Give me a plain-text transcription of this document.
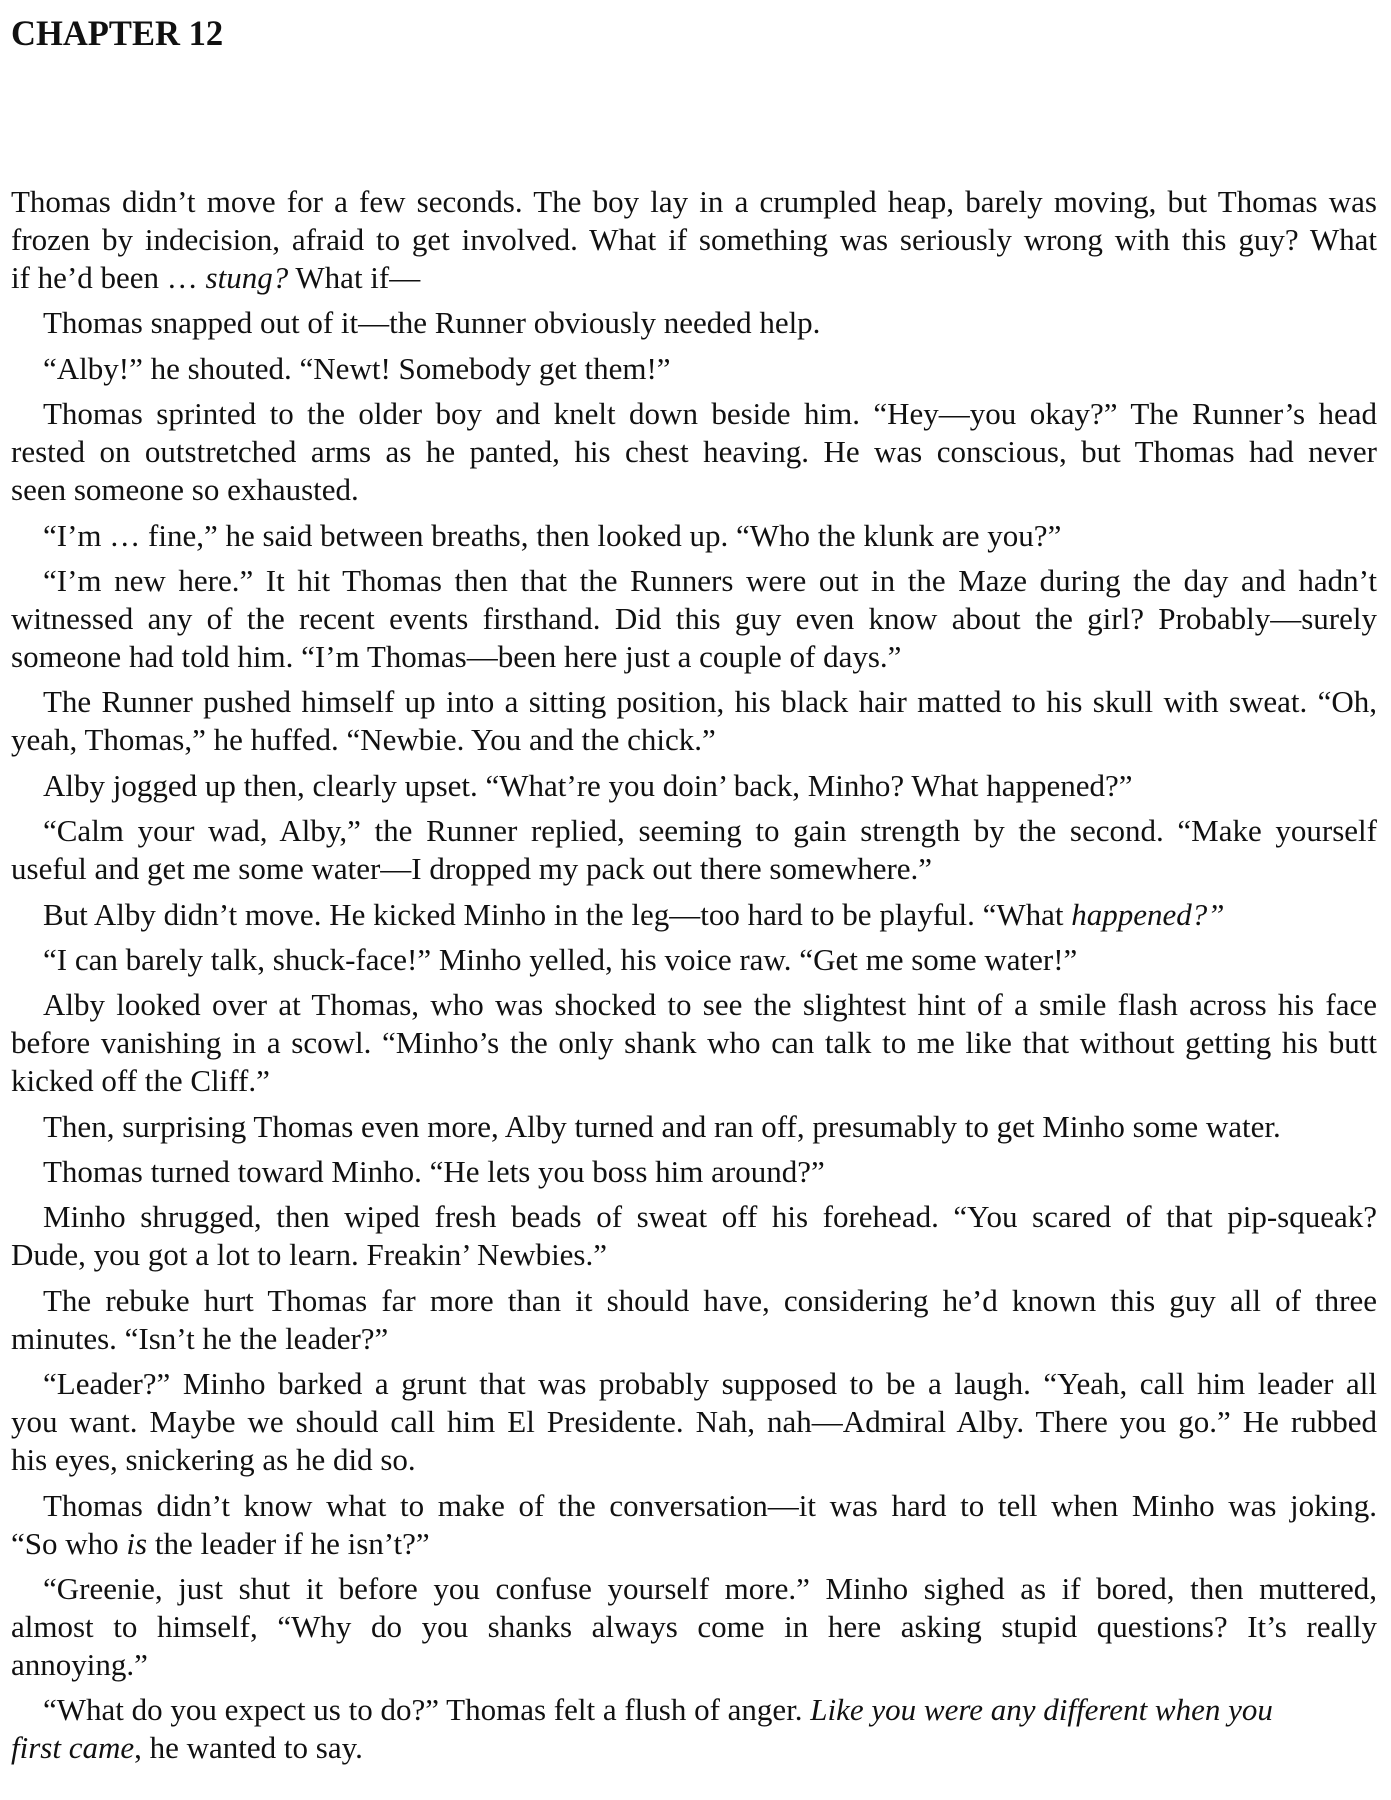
CHAPTER 12

Thomas didn’t move for a few seconds. The boy lay in a crumpled heap, barely moving, but Thomas was
frozen by indecision, afraid to get involved. What if something was seriously wrong with this guy? What
if he’d been … stung? What if—

Thomas snapped out of it—the Runner obviously needed help.

“Alby!” he shouted. “Newt! Somebody get them!”

Thomas sprinted to the older boy and knelt down beside him. “Hey—you okay?” The Runner’s head
rested on outstretched arms as he panted, his chest heaving. He was conscious, but Thomas had never
seen someone so exhausted.

“I’m … fine,” he said between breaths, then looked up. “Who the klunk are you?”

“I’m new here.” It hit Thomas then that the Runners were out in the Maze during the day and hadn’t
witnessed any of the recent events firsthand. Did this guy even know about the girl? Probably—surely
someone had told him. “I’m Thomas—been here just a couple of days.”

The Runner pushed himself up into a sitting position, his black hair matted to his skull with sweat. “Oh,
yeah, Thomas,” he huffed. “Newbie. You and the chick.”

Alby jogged up then, clearly upset. “What’re you doin’ back, Minho? What happened?”

“Calm your wad, Alby,” the Runner replied, seeming to gain strength by the second. “Make yourself
useful and get me some water—I dropped my pack out there somewhere.”

But Alby didn’t move. He kicked Minho in the leg—too hard to be playful. “What happened?”

“I can barely talk, shuck-face!” Minho yelled, his voice raw. “Get me some water!”

Alby looked over at Thomas, who was shocked to see the slightest hint of a smile flash across his face
before vanishing in a scowl. “Minho’s the only shank who can talk to me like that without getting his butt
kicked off the Cliff.”

Then, surprising Thomas even more, Alby turned and ran off, presumably to get Minho some water.

Thomas turned toward Minho. “He lets you boss him around?”

Minho shrugged, then wiped fresh beads of sweat off his forehead. “You scared of that pip-squeak?
Dude, you got a lot to learn. Freakin’ Newbies.”

The rebuke hurt Thomas far more than it should have, considering he’d known this guy all of three
minutes. “Isn’t he the leader?”

“Leader?” Minho barked a grunt that was probably supposed to be a laugh. “Yeah, call him leader all
you want. Maybe we should call him El Presidente. Nah, nah—Admiral Alby. There you go.” He rubbed
his eyes, snickering as he did so.

Thomas didn’t know what to make of the conversation—it was hard to tell when Minho was joking.
“So who is the leader if he isn’t?”

“Greenie, just shut it before you confuse yourself more.” Minho sighed as if bored, then muttered,
almost to himself, “Why do you shanks always come in here asking stupid questions? It’s really
annoying.”

“What do you expect us to do?” Thomas felt a flush of anger. Like you were any different when you
first came, he wanted to say.
